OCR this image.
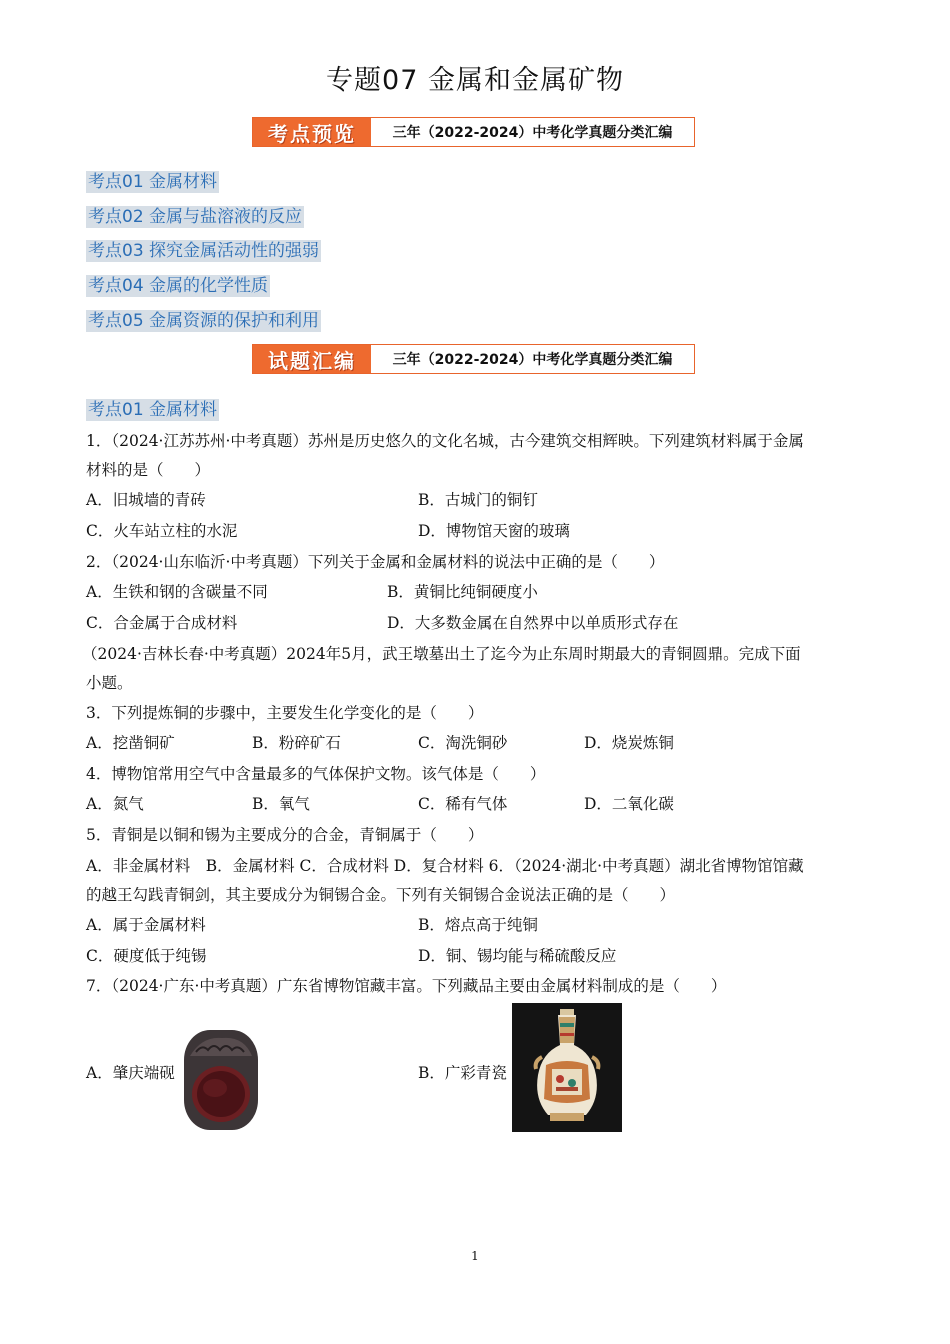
专题07 金属和金属矿物
考点预览	三年（2022-2024）中考化学真题分类汇编
考点01 金属材料
考点02 金属与盐溶液的反应
考点03 探究金属活动性的强弱
考点04 金属的化学性质
考点05 金属资源的保护和利用
试题汇编	三年（2022-2024）中考化学真题分类汇编
考点01 金属材料
1．（2024·江苏苏州·中考真题）苏州是历史悠久的文化名城，古今建筑交相辉映。下列建筑材料属于金属
材料的是（　　）
A．旧城墙的青砖	B．古城门的铜钉
C．火车站立柱的水泥	D．博物馆天窗的玻璃
2．（2024·山东临沂·中考真题）下列关于金属和金属材料的说法中正确的是（　　）
A．生铁和钢的含碳量不同	B．黄铜比纯铜硬度小
C．合金属于合成材料	D．大多数金属在自然界中以单质形式存在
（2024·吉林长春·中考真题）2024年5月，武王墩墓出土了迄今为止东周时期最大的青铜圆鼎。完成下面
小题。
3．下列提炼铜的步骤中，主要发生化学变化的是（　　）
A．挖凿铜矿	B．粉碎矿石	C．淘洗铜砂	D．烧炭炼铜
4．博物馆常用空气中含量最多的气体保护文物。该气体是（　　）
A．氮气	B．氧气	C．稀有气体	D．二氧化碳
5．青铜是以铜和锡为主要成分的合金，青铜属于（　　）
A．非金属材料　B．金属材料 C．合成材料 D．复合材料 6．（2024·湖北·中考真题）湖北省博物馆馆藏
的越王勾践青铜剑，其主要成分为铜锡合金。下列有关铜锡合金说法正确的是（　　）
A．属于金属材料	B．熔点高于纯铜
C．硬度低于纯锡	D．铜、锡均能与稀硫酸反应
7．（2024·广东·中考真题）广东省博物馆藏丰富。下列藏品主要由金属材料制成的是（　　）
A．肇庆端砚	B．广彩青瓷
1
